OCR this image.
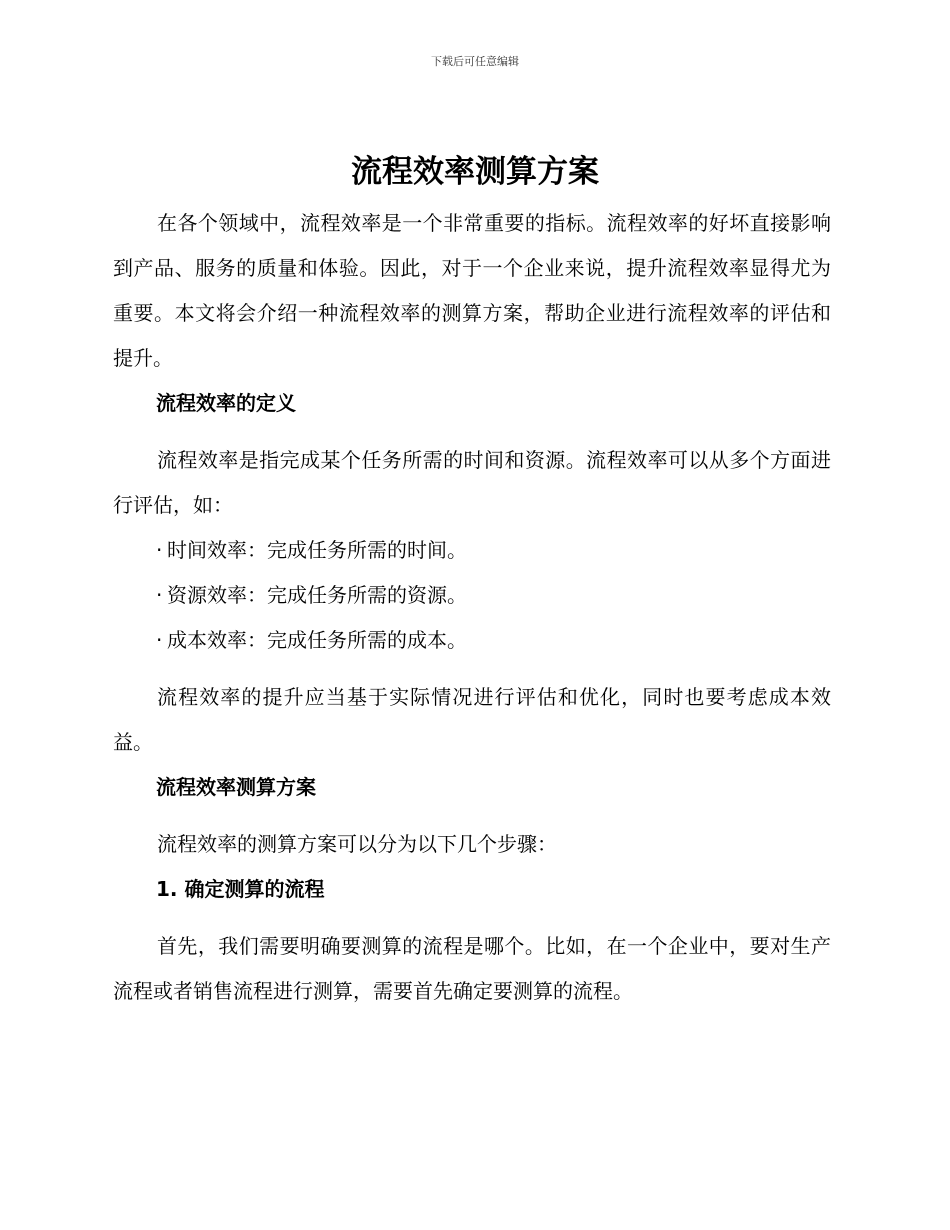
下载后可任意编辑
流程效率测算方案

在各个领域中，流程效率是一个非常重要的指标。流程效率的好坏直接影响到产品、服务的质量和体验。因此，对于一个企业来说，提升流程效率显得尤为重要。本文将会介绍一种流程效率的测算方案，帮助企业进行流程效率的评估和提升。

流程效率的定义

流程效率是指完成某个任务所需的时间和资源。流程效率可以从多个方面进行评估，如：

· 时间效率：完成任务所需的时间。

· 资源效率：完成任务所需的资源。

· 成本效率：完成任务所需的成本。

流程效率的提升应当基于实际情况进行评估和优化，同时也要考虑成本效益。

流程效率测算方案

流程效率的测算方案可以分为以下几个步骤：

1. 确定测算的流程

首先，我们需要明确要测算的流程是哪个。比如，在一个企业中，要对生产流程或者销售流程进行测算，需要首先确定要测算的流程。
